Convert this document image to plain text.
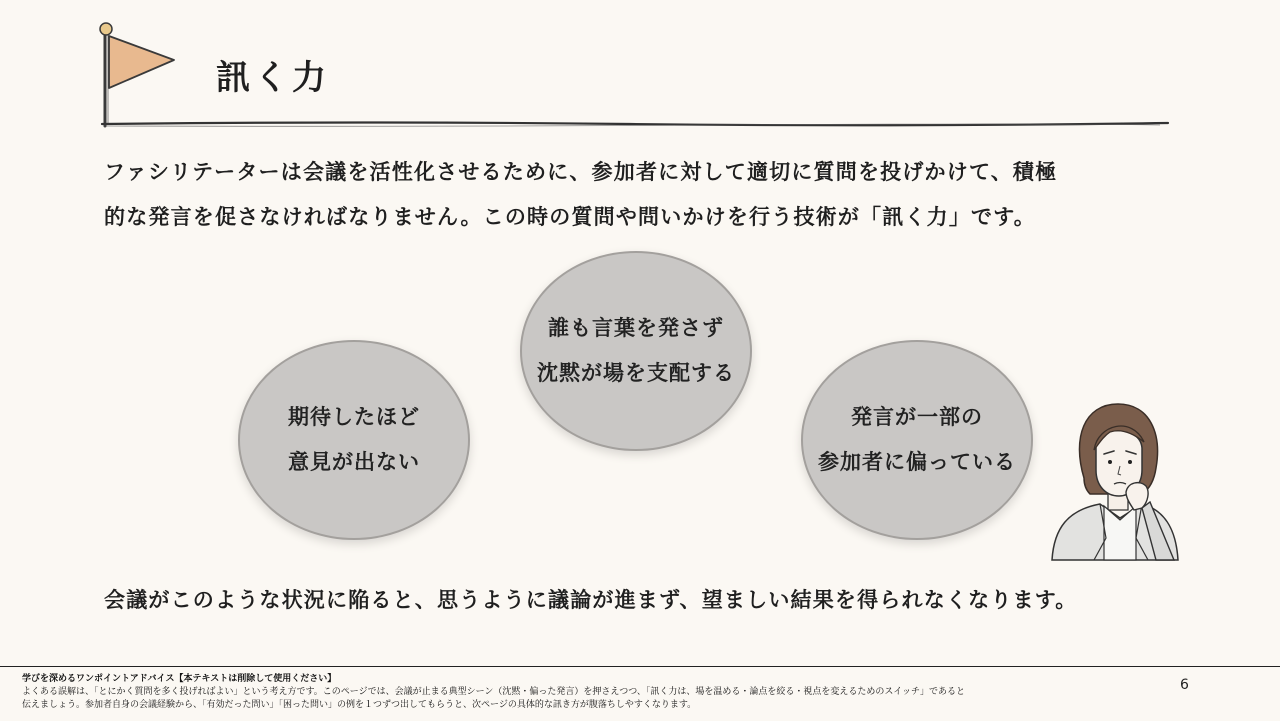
訊く力

ファシリテーターは会議を活性化させるために、参加者に対して適切に質問を投げかけて、積極

的な発言を促さなければなりません。この時の質問や問いかけを行う技術が「訊く力」です。

期待したほど
意見が出ない
誰も言葉を発さず
沈黙が場を支配する
発言が一部の
参加者に偏っている
会議がこのような状況に陥ると、思うように議論が進まず、望ましい結果を得られなくなります。
学びを深めるワンポイントアドバイス【本テキストは削除して使用ください】
よくある誤解は、「とにかく質問を多く投げればよい」という考え方です。このページでは、会議が止まる典型シーン（沈黙・偏った発言）を押さえつつ、「訊く力は、場を温める・論点を絞る・視点を変えるためのスイッチ」であると
伝えましょう。参加者自身の会議経験から、「有効だった問い」「困った問い」の例を１つずつ出してもらうと、次ページの具体的な訊き方が腹落ちしやすくなります。
6
